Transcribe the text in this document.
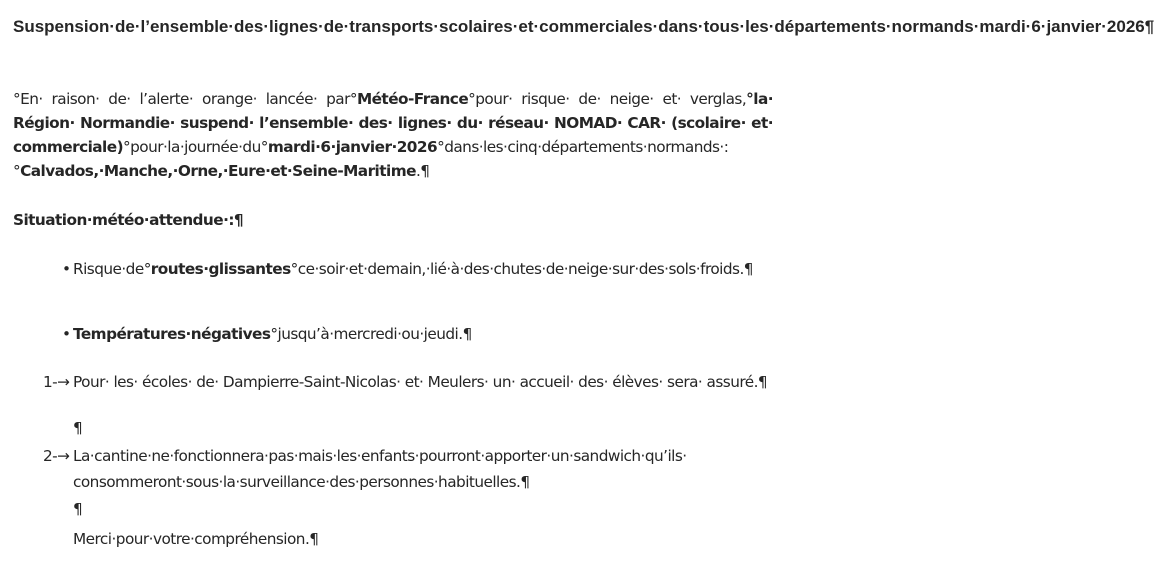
Suspension·de·l’ensemble·des·lignes·de·transports·scolaires·et·commerciales·dans·tous·les·départements·normands·mardi·6·janvier·2026¶
°En· raison· de· l’alerte· orange· lancée· par°Météo-France°pour· risque· de· neige· et· verglas,°la· Région· Normandie· suspend· l’ensemble· des· lignes· du· réseau· NOMAD· CAR· (scolaire· et· commerciale)°pour·la·journée·du°mardi·6·janvier·2026°dans·les·cinq·départements·normands·:°Calvados,·Manche,·Orne,·Eure·et·Seine-Maritime.¶
Situation·météo·attendue·:¶
• Risque·de°routes·glissantes°ce·soir·et·demain,·lié·à·des·chutes·de·neige·sur·des·sols·froids.¶
• Températures·négatives°jusqu’à·mercredi·ou·jeudi.¶
1-→ Pour· les· écoles· de· Dampierre-Saint-Nicolas· et· Meulers· un· accueil· des· élèves· sera· assuré.¶
¶
2-→ La·cantine·ne·fonctionnera·pas·mais·les·enfants·pourront·apporter·un·sandwich·qu’ils· consommeront·sous·la·surveillance·des·personnes·habituelles.¶
¶
Merci·pour·votre·compréhension.¶
